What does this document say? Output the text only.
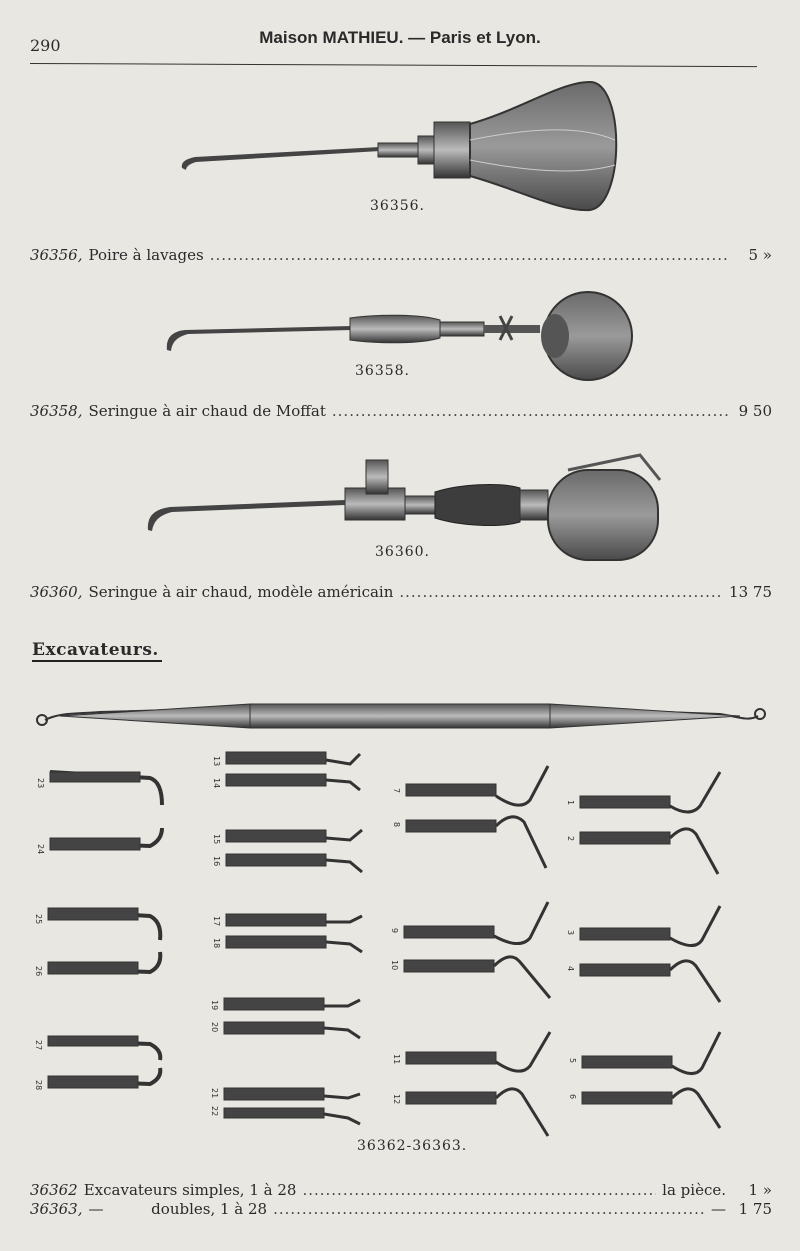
290	Maison MATHIEU. — Paris et Lyon.
23
24
25
26
27
28
13
14
15
16
17
18
19
20
21
22
7
8
9
10
11
12
1
2
3
4
5
6
36356.
36358.
36360.
36362-36363.
36356, Poire à lavages .....	5 »
36358, Seringue à air chaud de Moffat .....	9 50
36360, Seringue à air chaud, modèle américain .....	13 75
Excavateurs.
36362 Excavateurs simples, 1 à 28 .....	la pièce.	1 »
36363, —          doubles, 1 à 28 .....	— 1 75
